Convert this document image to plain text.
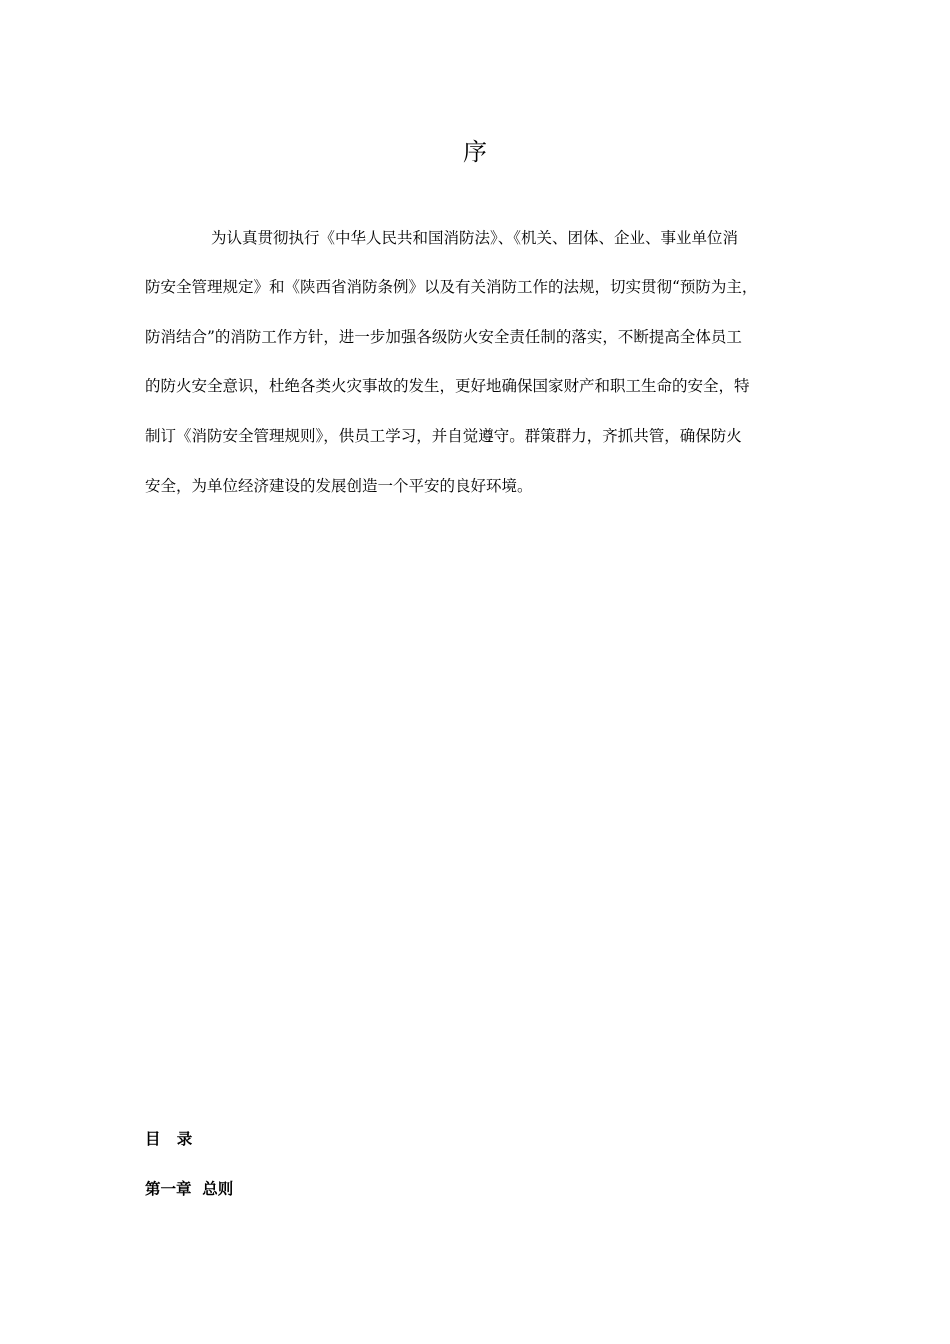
序
为认真贯彻执行《中华人民共和国消防法》、《机关、团体、企业、事业单位消
防安全管理规定》和《陕西省消防条例》以及有关消防工作的法规，切实贯彻“预防为主，
防消结合”的消防工作方针，进一步加强各级防火安全责任制的落实，不断提高全体员工
的防火安全意识，杜绝各类火灾事故的发生，更好地确保国家财产和职工生命的安全，特
制订《消防安全管理规则》，供员工学习，并自觉遵守。群策群力，齐抓共管，确保防火
安全，为单位经济建设的发展创造一个平安的良好环境。
目   录
第一章  总则
